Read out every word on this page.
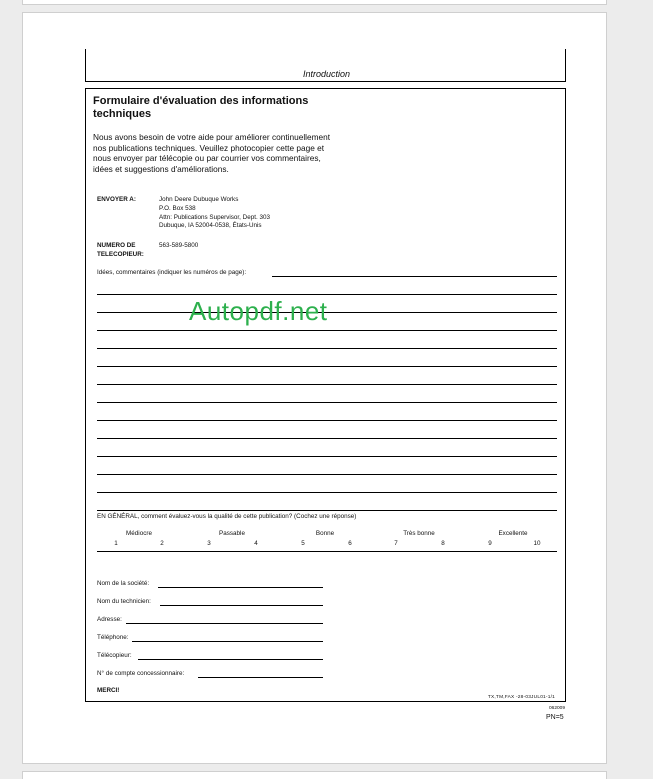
Introduction
Formulaire d'évaluation des informations techniques
Nous avons besoin de votre aide pour améliorer continuellement nos publications techniques. Veuillez photocopier cette page et nous envoyer par télécopie ou par courrier vos commentaires, idées et suggestions d'améliorations.
ENVOYER A:	John Deere Dubuque Works
P.O. Box 538
Attn: Publications Supervisor, Dept. 303
Dubuque, IA 52004-0538, États-Unis
NUMERO DE TELECOPIEUR:
563-589-5800
Idées, commentaires (indiquer les numéros de page):
EN GÉNÉRAL, comment évaluez-vous la qualité de cette publication? (Cochez une réponse)
Médiocre	Passable	Bonne	Très bonne	Excellente
1	2	3	4	5	6	7	8	9	10
Nom de la société:
Nom du technicien:
Adresse:
Téléphone:
Télécopieur:
N° de compte concessionnaire:
MERCI!
TX,TM,FAX -28-03JUL01-1/1
062009
PN=5
Autopdf.net
